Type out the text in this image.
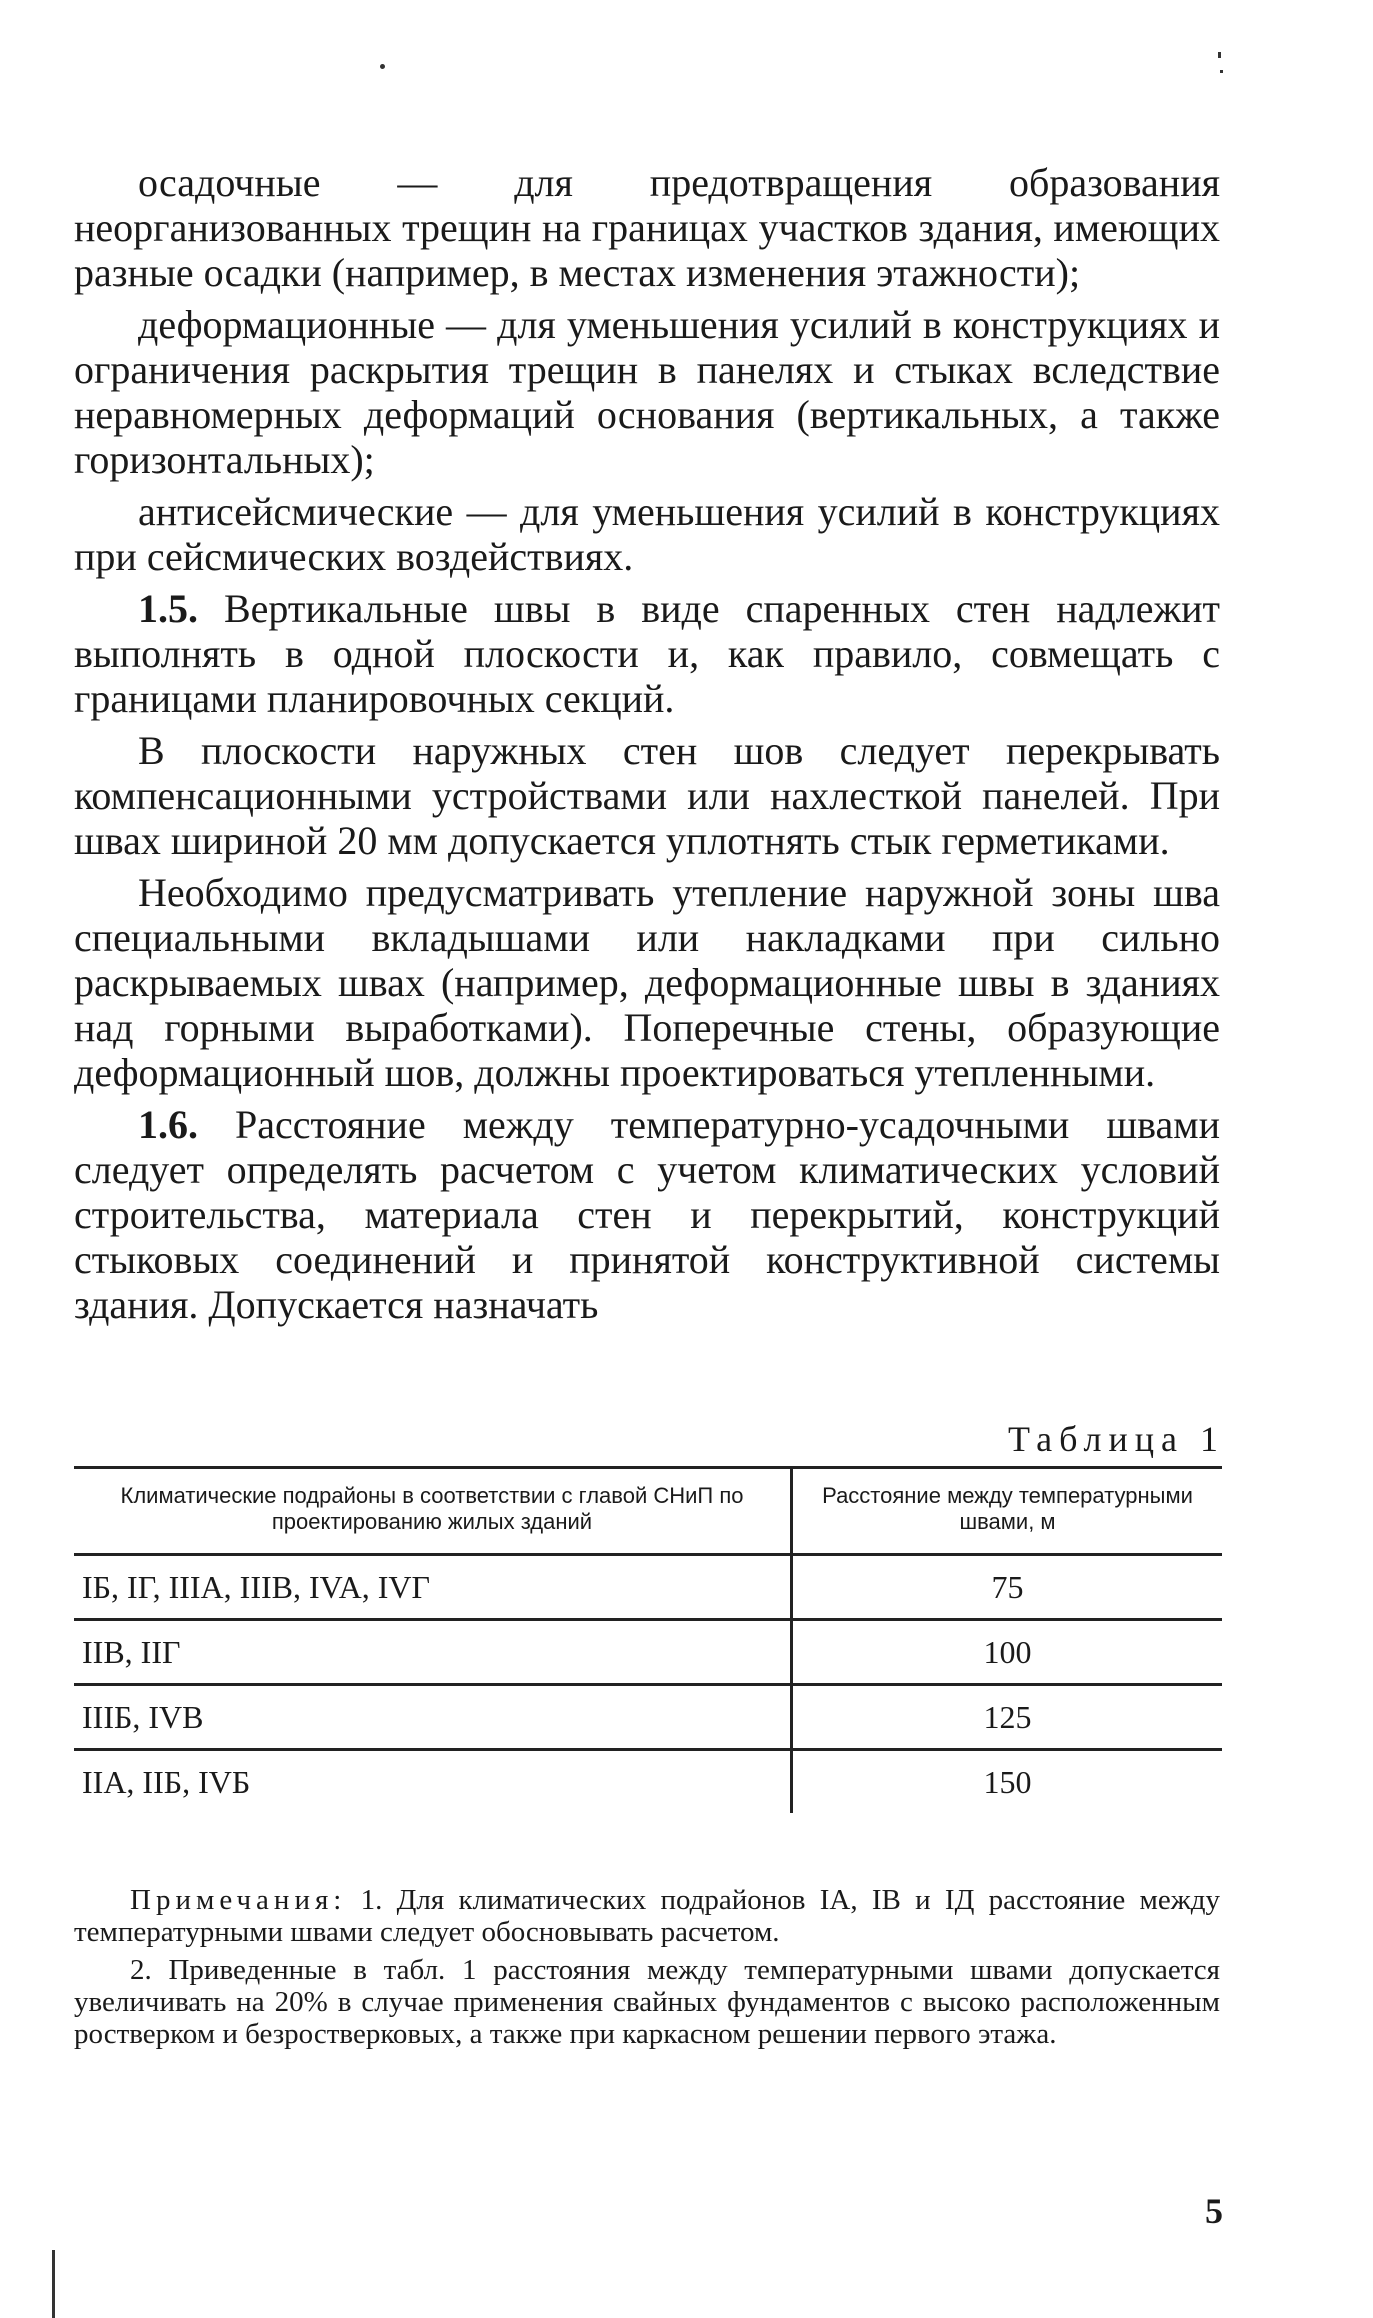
осадочные — для предотвращения образования неорганизованных трещин на границах участков здания, имеющих разные осадки (например, в местах изменения этажности);

деформационные — для уменьшения усилий в конструкциях и ограничения раскрытия трещин в панелях и стыках вследствие неравномерных деформаций основания (вертикальных, а также горизонтальных);

антисейсмические — для уменьшения усилий в конструкциях при сейсмических воздействиях.

1.5. Вертикальные швы в виде спаренных стен надлежит выполнять в одной плоскости и, как правило, совмещать с границами планировочных секций.

В плоскости наружных стен шов следует перекрывать компенсационными устройствами или нахлесткой панелей. При швах шириной 20 мм допускается уплотнять стык герметиками.

Необходимо предусматривать утепление наружной зоны шва специальными вкладышами или накладками при сильно раскрываемых швах (например, деформационные швы в зданиях над горными выработками). Поперечные стены, образующие деформационный шов, должны проектироваться утепленными.

1.6. Расстояние между температурно-усадочными швами следует определять расчетом с учетом климатических условий строительства, материала стен и перекрытий, конструкций стыковых соединений и принятой конструктивной системы здания. Допускается назначать

Таблица 1
Климатические подрайоны в соответствии с главой СНиП по проектированию жилых зданий	Расстояние между температурными швами, м
IБ, IГ, IIIA, IIIB, IVA, IVГ	75
IIB, IIГ	100
IIIБ, IVB	125
IIA, IIБ, IVБ	150

Примечания: 1. Для климатических подрайонов IA, IB и IД расстояние между температурными швами следует обосновывать расчетом.

2. Приведенные в табл. 1 расстояния между температурными швами допускается увеличивать на 20% в случае применения свайных фундаментов с высоко расположенным ростверком и безростверковых, а также при каркасном решении первого этажа.

5
